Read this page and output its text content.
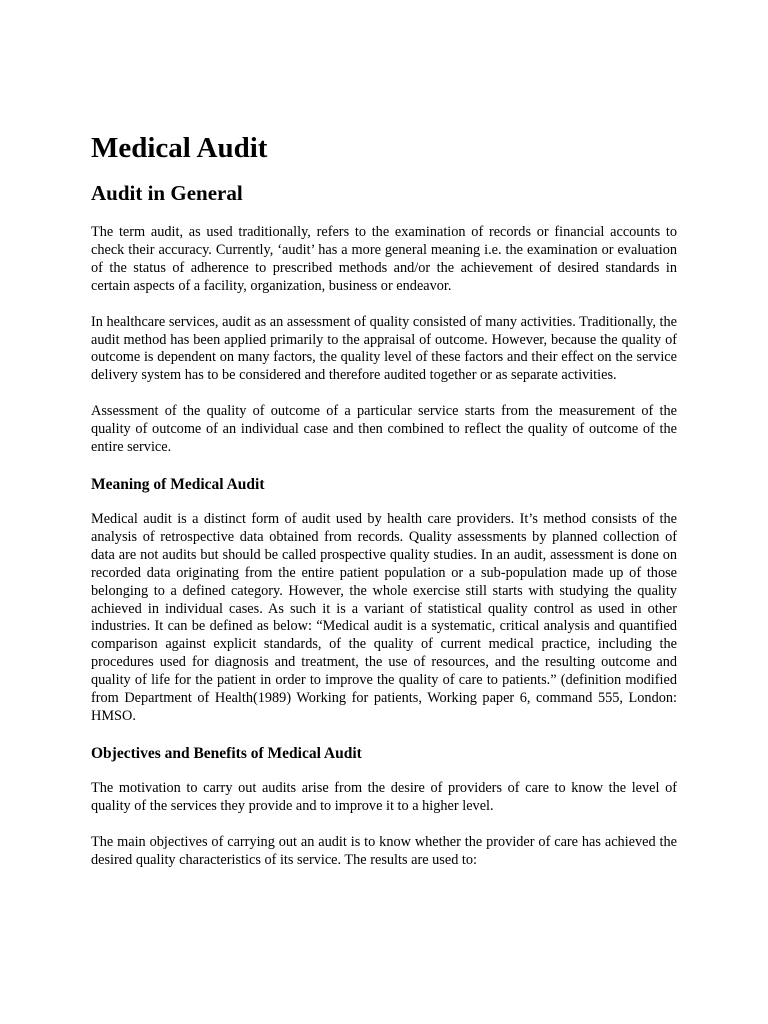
Medical Audit
Audit in General

The term audit, as used traditionally, refers to the examination of records or financial accounts to check their accuracy. Currently, ‘audit’ has a more general meaning i.e. the examination or evaluation of the status of adherence to prescribed methods and/or the achievement of desired standards in certain aspects of a facility, organization, business or endeavor.

In healthcare services, audit as an assessment of quality consisted of many activities. Traditionally, the audit method has been applied primarily to the appraisal of outcome. However, because the quality of outcome is dependent on many factors, the quality level of these factors and their effect on the service delivery system has to be considered and therefore audited together or as separate activities.

Assessment of the quality of outcome of a particular service starts from the measurement of the quality of outcome of an individual case and then combined to reflect the quality of outcome of the entire service.

Meaning of Medical Audit

Medical audit is a distinct form of audit used by health care providers. It’s method consists of the analysis of retrospective data obtained from records. Quality assessments by planned collection of data are not audits but should be called prospective quality studies. In an audit, assessment is done on recorded data originating from the entire patient population or a sub-population made up of those belonging to a defined category. However, the whole exercise still starts with studying the quality achieved in individual cases. As such it is a variant of statistical quality control as used in other industries. It can be defined as below: “Medical audit is a systematic, critical analysis and quantified comparison against explicit standards, of the quality of current medical practice, including the procedures used for diagnosis and treatment, the use of resources, and the resulting outcome and quality of life for the patient in order to improve the quality of care to patients.” (definition modified from Department of Health(1989) Working for patients, Working paper 6, command 555, London: HMSO.

Objectives and Benefits of Medical Audit

The motivation to carry out audits arise from the desire of providers of care to know the level of quality of the services they provide and to improve it to a higher level.

The main objectives of carrying out an audit is to know whether the provider of care has achieved the desired quality characteristics of its service. The results are used to:
